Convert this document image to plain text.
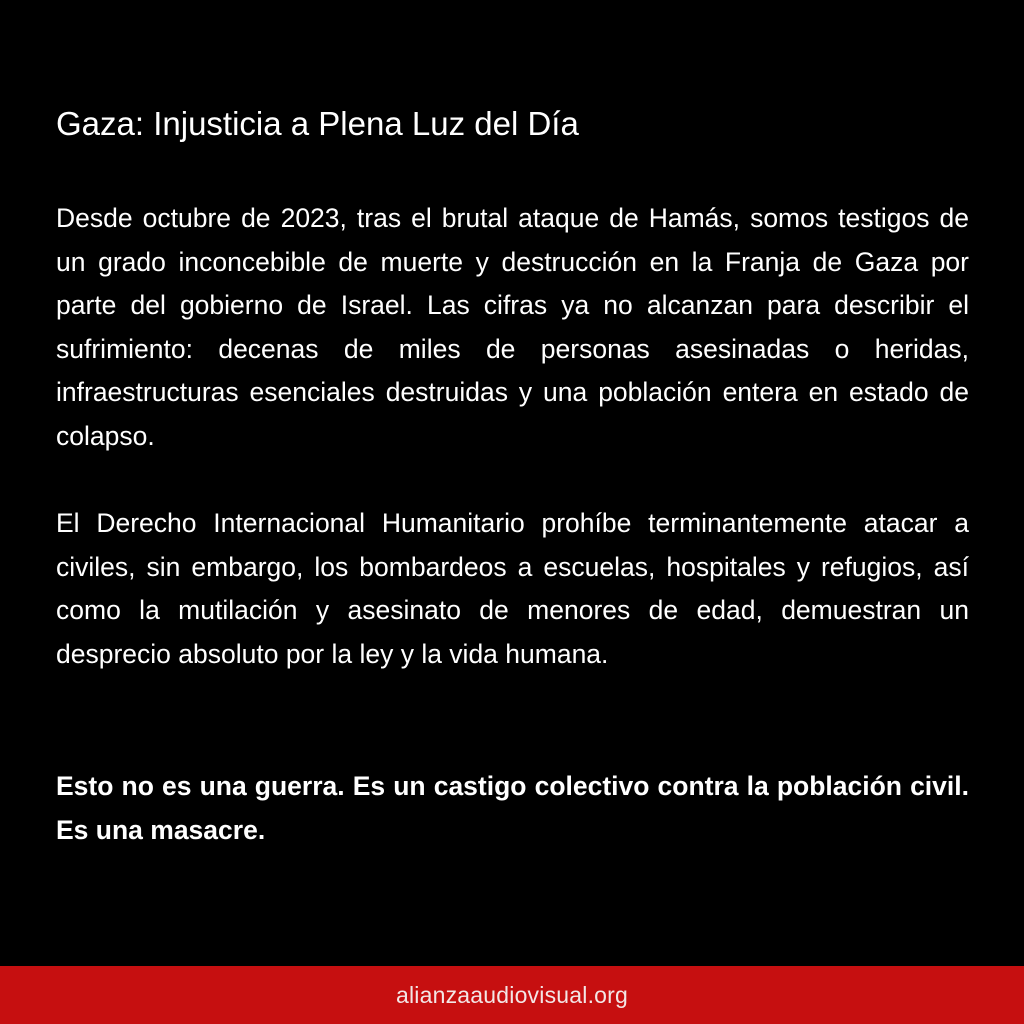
Gaza: Injusticia a Plena Luz del Día

Desde octubre de 2023, tras el brutal ataque de Hamás, somos testigos de un grado inconcebible de muerte y destrucción en la Franja de Gaza por parte del gobierno de Israel. Las cifras ya no alcanzan para describir el sufrimiento: decenas de miles de personas asesinadas o heridas, infraestructuras esenciales destruidas y una población entera en estado de colapso.

El Derecho Internacional Humanitario prohíbe terminantemente atacar a civiles, sin embargo, los bombardeos a escuelas, hospitales y refugios, así como la mutilación y asesinato de menores de edad, demuestran un desprecio absoluto por la ley y la vida humana.

Esto no es una guerra. Es un castigo colectivo contra la población civil. Es una masacre.

alianzaaudiovisual.org
